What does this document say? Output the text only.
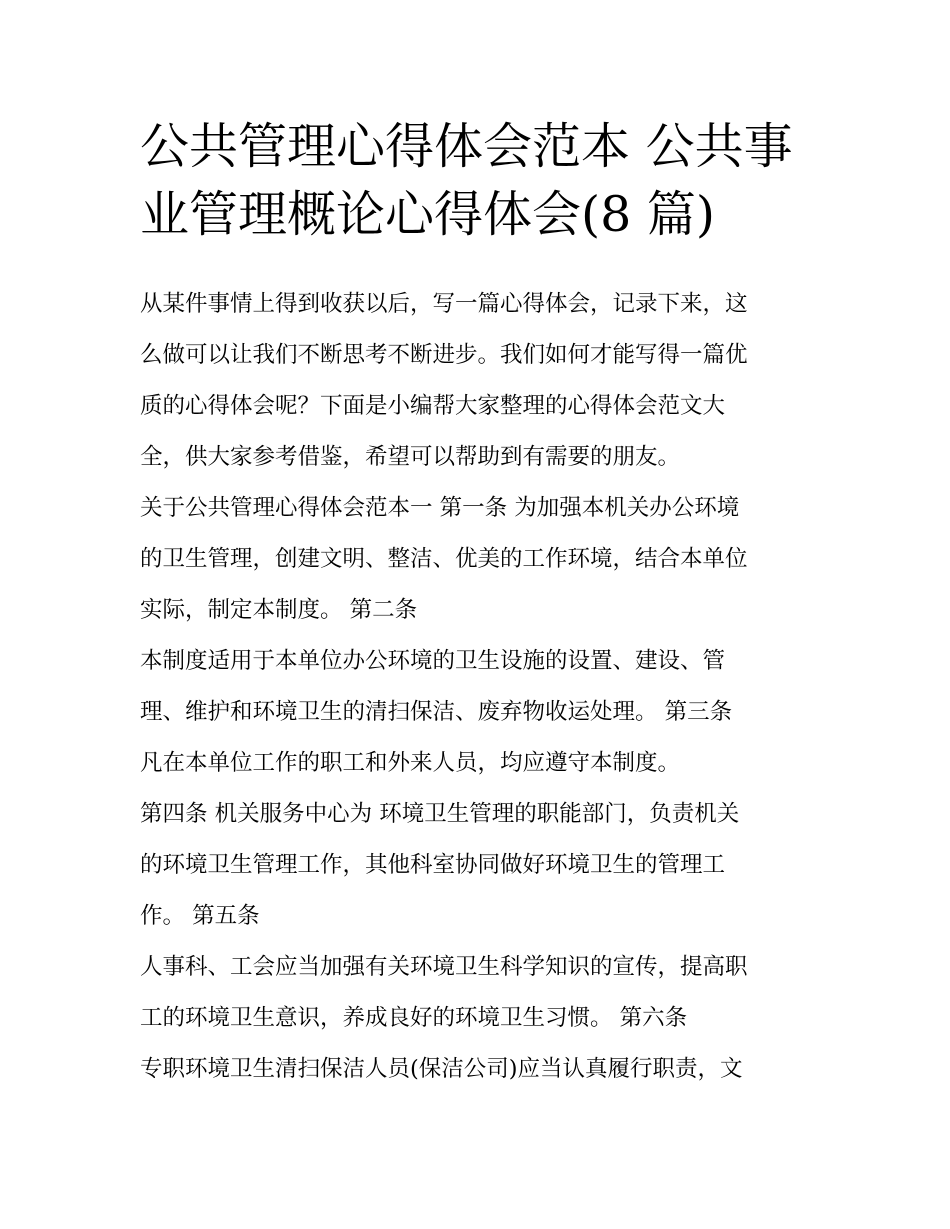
公共管理心得体会范本 公共事
业管理概论心得体会(8 篇)
从某件事情上得到收获以后，写一篇心得体会，记录下来，这
么做可以让我们不断思考不断进步。我们如何才能写得一篇优
质的心得体会呢？下面是小编帮大家整理的心得体会范文大
全，供大家参考借鉴，希望可以帮助到有需要的朋友。
关于公共管理心得体会范本一 第一条 为加强本机关办公环境
的卫生管理，创建文明、整洁、优美的工作环境，结合本单位
实际，制定本制度。 第二条
本制度适用于本单位办公环境的卫生设施的设置、建设、管
理、维护和环境卫生的清扫保洁、废弃物收运处理。 第三条
凡在本单位工作的职工和外来人员，均应遵守本制度。
第四条 机关服务中心为 环境卫生管理的职能部门，负责机关
的环境卫生管理工作，其他科室协同做好环境卫生的管理工
作。 第五条
人事科、工会应当加强有关环境卫生科学知识的宣传，提高职
工的环境卫生意识，养成良好的环境卫生习惯。 第六条
专职环境卫生清扫保洁人员(保洁公司)应当认真履行职责，文
